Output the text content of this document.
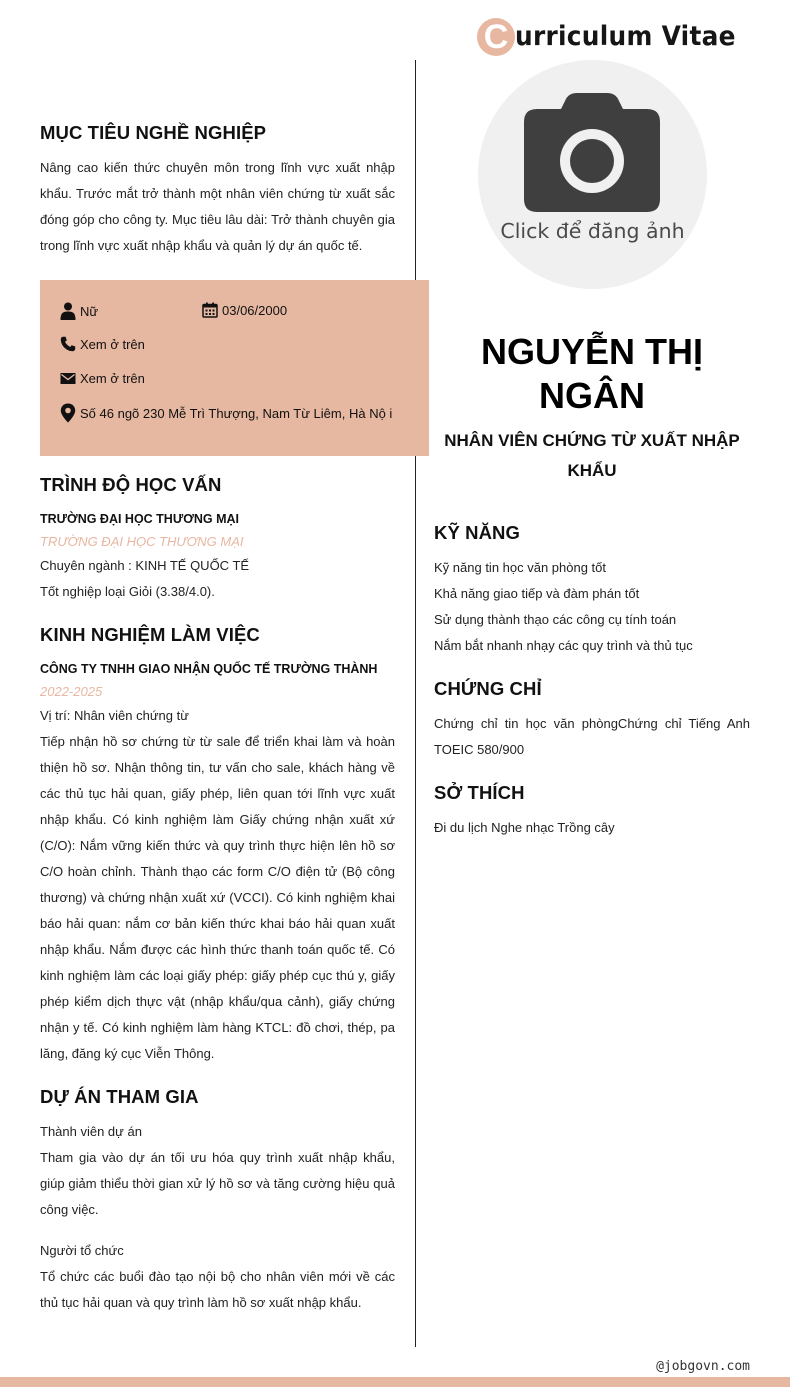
C urriculum Vitae
MỤC TIÊU NGHỀ NGHIỆP
Nâng cao kiến thức chuyên môn trong lĩnh vực xuất nhập khẩu. Trước mắt trở thành một nhân viên chứng từ xuất sắc đóng góp cho công ty. Mục tiêu lâu dài: Trở thành chuyên gia trong lĩnh vực xuất nhập khẩu và quản lý dự án quốc tế.
TRÌNH ĐỘ HỌC VẤN
TRƯỜNG ĐẠI HỌC THƯƠNG MẠI
TRƯỜNG ĐẠI HỌC THƯƠNG MẠI
Chuyên ngành : KINH TẾ QUỐC TẾ
Tốt nghiệp loại Giỏi (3.38/4.0).
KINH NGHIỆM LÀM VIỆC
CÔNG TY TNHH GIAO NHẬN QUỐC TẾ TRƯỜNG THÀNH
2022-2025
Vị trí: Nhân viên chứng từ
Tiếp nhận hồ sơ chứng từ từ sale để triển khai làm và hoàn thiện hồ sơ. Nhận thông tin, tư vấn cho sale, khách hàng về các thủ tục hải quan, giấy phép, liên quan tới lĩnh vực xuất nhập khẩu. Có kinh nghiệm làm Giấy chứng nhận xuất xứ (C/O): Nắm vững kiến thức và quy trình thực hiện lên hồ sơ C/O hoàn chỉnh. Thành thạo các form C/O điện tử (Bộ công thương) và chứng nhận xuất xứ (VCCI). Có kinh nghiệm khai báo hải quan: nắm cơ bản kiến thức khai báo hải quan xuất nhập khẩu. Nắm được các hình thức thanh toán quốc tế. Có kinh nghiệm làm các loại giấy phép: giấy phép cục thú y, giấy phép kiểm dịch thực vật (nhập khẩu/qua cảnh), giấy chứng nhận y tế. Có kinh nghiệm làm hàng KTCL: đồ chơi, thép, pa lăng, đăng ký cục Viễn Thông.
DỰ ÁN THAM GIA
Thành viên dự án
Tham gia vào dự án tối ưu hóa quy trình xuất nhập khẩu, giúp giảm thiểu thời gian xử lý hồ sơ và tăng cường hiệu quả công việc.
Người tổ chức
Tổ chức các buổi đào tạo nội bộ cho nhân viên mới về các thủ tục hải quan và quy trình làm hồ sơ xuất nhập khẩu.
Nữ	03/06/2000
Xem ở trên
Xem ở trên
Số 46 ngõ 230 Mễ Trì Thượng, Nam Từ Liêm, Hà Nộ i
Click để đăng ảnh
NGUYỄN THỊ
NGÂN
NHÂN VIÊN CHỨNG TỪ XUẤT NHẬP
KHẨU
KỸ NĂNG
Kỹ năng tin học văn phòng tốt
Khả năng giao tiếp và đàm phán tốt
Sử dụng thành thạo các công cụ tính toán
Nắm bắt nhanh nhạy các quy trình và thủ tục
CHỨNG CHỈ
Chứng chỉ tin học văn phòngChứng chỉ Tiếng Anh TOEIC 580/900
SỞ THÍCH
Đi du lịch Nghe nhạc Trồng cây
@jobgovn.com
